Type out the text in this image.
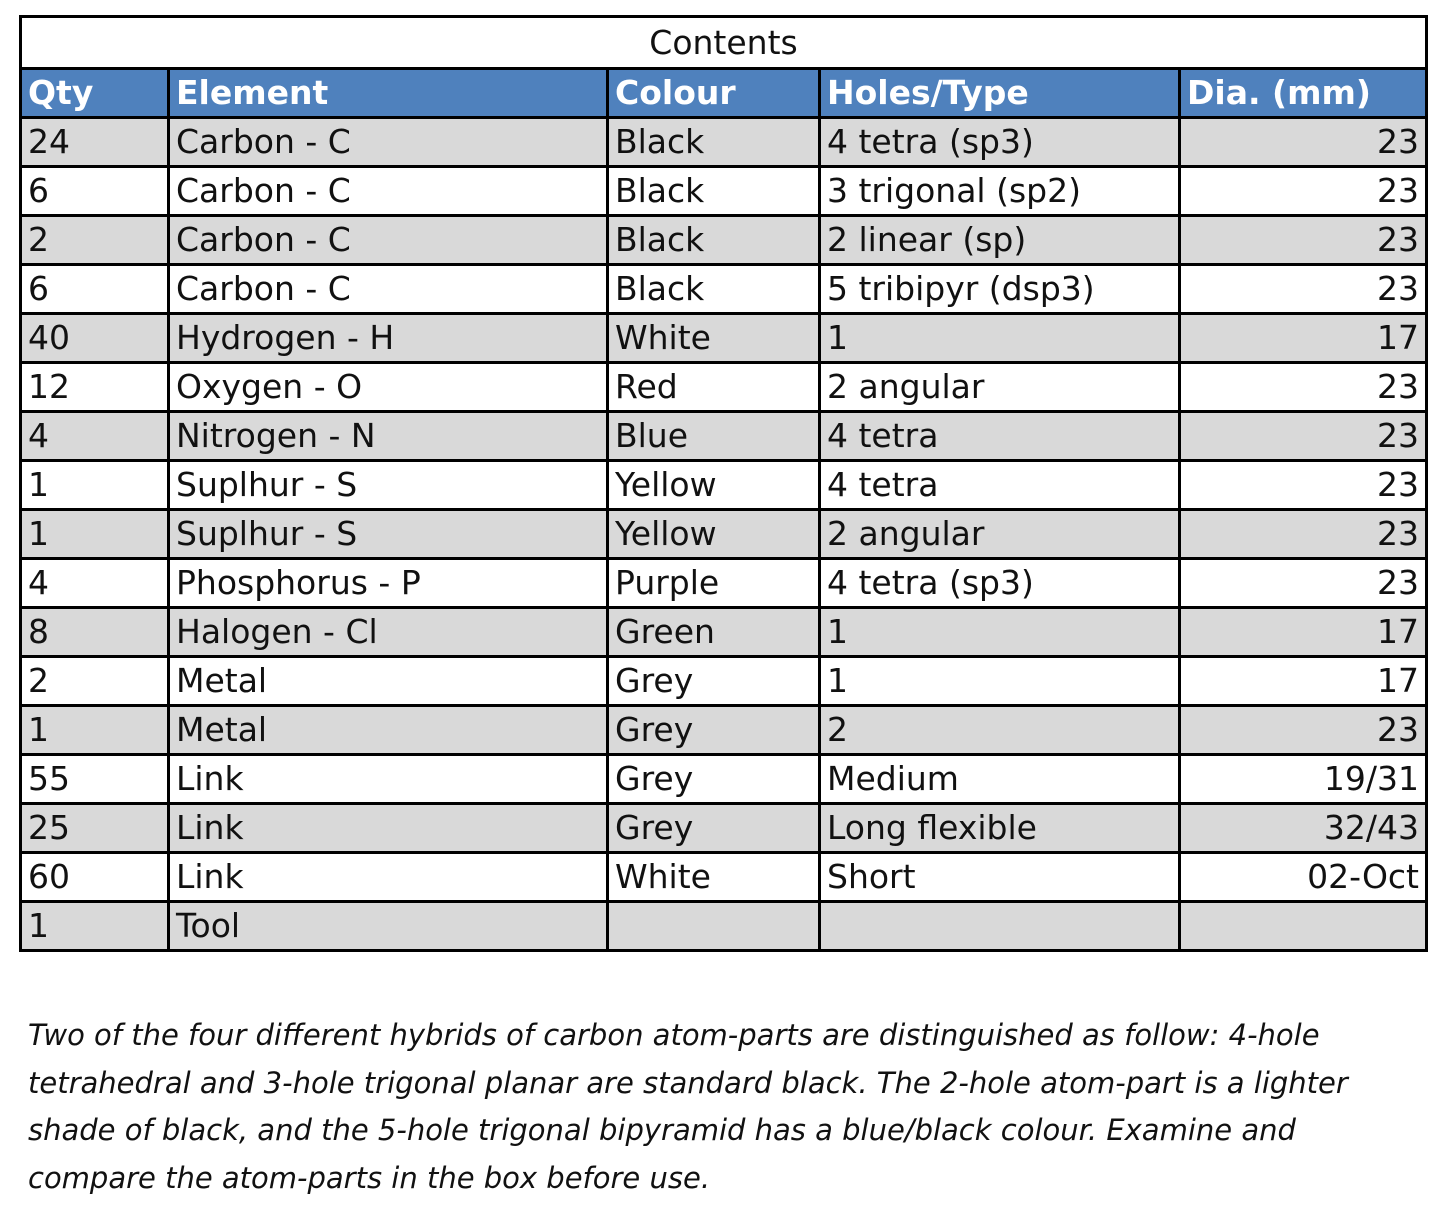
Contents				
Qty	Element	Colour	Holes/Type	Dia. (mm)
24	Carbon - C	Black	4 tetra (sp3)	23
6	Carbon - C	Black	3 trigonal (sp2)	23
2	Carbon - C	Black	2 linear (sp)	23
6	Carbon - C	Black	5 tribipyr (dsp3)	23
40	Hydrogen - H	White	1	17
12	Oxygen - O	Red	2 angular	23
4	Nitrogen - N	Blue	4 tetra	23
1	Suplhur - S	Yellow	4 tetra	23
1	Suplhur - S	Yellow	2 angular	23
4	Phosphorus - P	Purple	4 tetra (sp3)	23
8	Halogen - Cl	Green	1	17
2	Metal	Grey	1	17
1	Metal	Grey	2	23
55	Link	Grey	Medium	19/31
25	Link	Grey	Long flexible	32/43
60	Link	White	Short	02-Oct
1	Tool			

Two of the four different hybrids of carbon atom-parts are distinguished as follow: 4-hole tetrahedral and 3-hole trigonal planar are standard black. The 2-hole atom-part is a lighter shade of black, and the 5-hole trigonal bipyramid has a blue/black colour. Examine and compare the atom-parts in the box before use.
